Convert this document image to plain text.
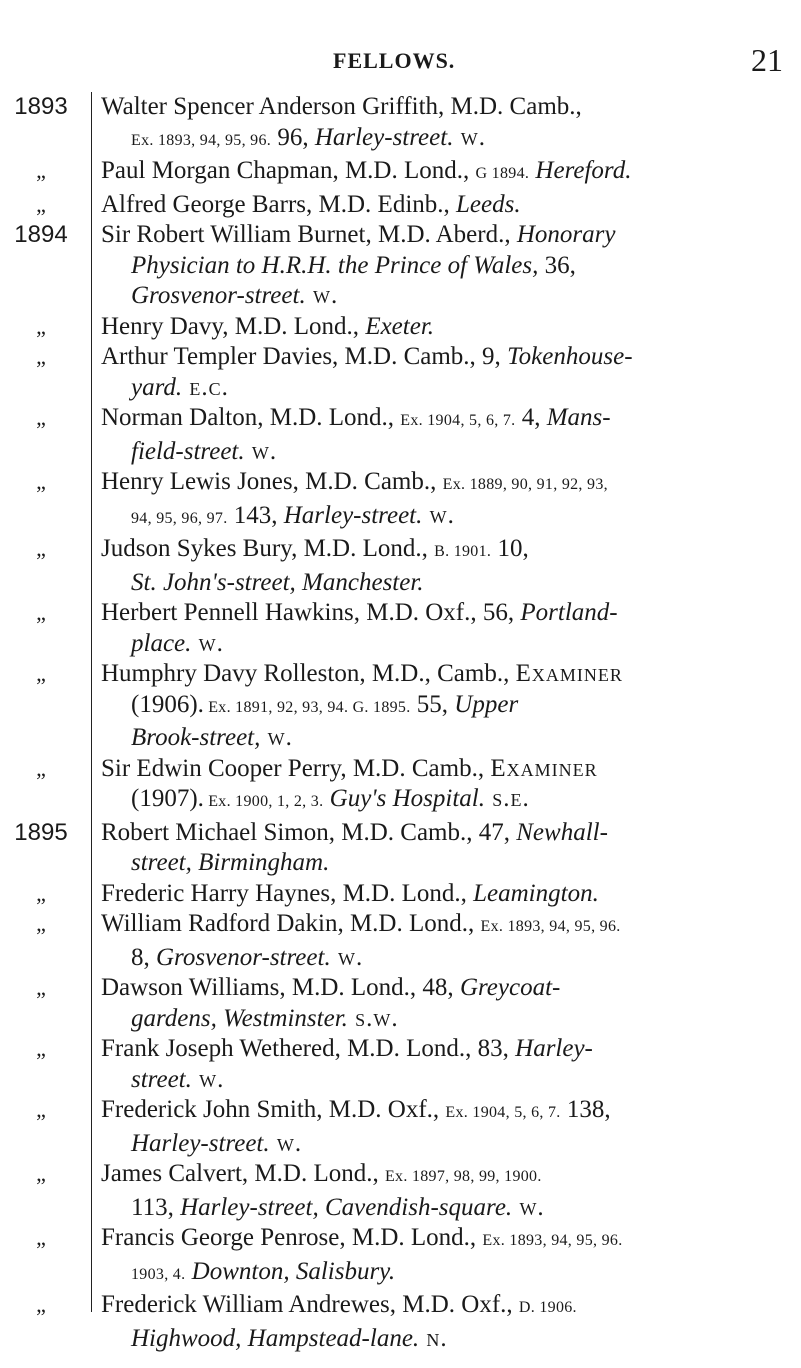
FELLOWS.	21
1893	Walter Spencer Anderson Griffith, M.D. Camb.,
Ex. 1893, 94, 95, 96. 96, Harley-street. w.
„	Paul Morgan Chapman, M.D. Lond., G 1894. Hereford.
„	Alfred George Barrs, M.D. Edinb., Leeds.
1894	Sir Robert William Burnet, M.D. Aberd., Honorary
Physician to H.R.H. the Prince of Wales, 36,
Grosvenor-street. w.
„	Henry Davy, M.D. Lond., Exeter.
„	Arthur Templer Davies, M.D. Camb., 9, Tokenhouse-
yard. e.c.
„	Norman Dalton, M.D. Lond., Ex. 1904, 5, 6, 7. 4, Mans-
field-street. w.
„	Henry Lewis Jones, M.D. Camb., Ex. 1889, 90, 91, 92, 93,
94, 95, 96, 97. 143, Harley-street. w.
„	Judson Sykes Bury, M.D. Lond., B. 1901. 10,
St. John's-street, Manchester.
„	Herbert Pennell Hawkins, M.D. Oxf., 56, Portland-
place. w.
„	Humphry Davy Rolleston, M.D., Camb., Examiner
(1906). Ex. 1891, 92, 93, 94. G. 1895. 55, Upper
Brook-street, w.
„	Sir Edwin Cooper Perry, M.D. Camb., Examiner
(1907). Ex. 1900, 1, 2, 3. Guy's Hospital. s.e.
1895	Robert Michael Simon, M.D. Camb., 47, Newhall-
street, Birmingham.
„	Frederic Harry Haynes, M.D. Lond., Leamington.
„	William Radford Dakin, M.D. Lond., Ex. 1893, 94, 95, 96.
8, Grosvenor-street. w.
„	Dawson Williams, M.D. Lond., 48, Greycoat-
gardens, Westminster. s.w.
„	Frank Joseph Wethered, M.D. Lond., 83, Harley-
street. w.
„	Frederick John Smith, M.D. Oxf., Ex. 1904, 5, 6, 7. 138,
Harley-street. w.
„	James Calvert, M.D. Lond., Ex. 1897, 98, 99, 1900.
113, Harley-street, Cavendish-square. w.
„	Francis George Penrose, M.D. Lond., Ex. 1893, 94, 95, 96.
1903, 4. Downton, Salisbury.
„	Frederick William Andrewes, M.D. Oxf., D. 1906.
Highwood, Hampstead-lane. n.
